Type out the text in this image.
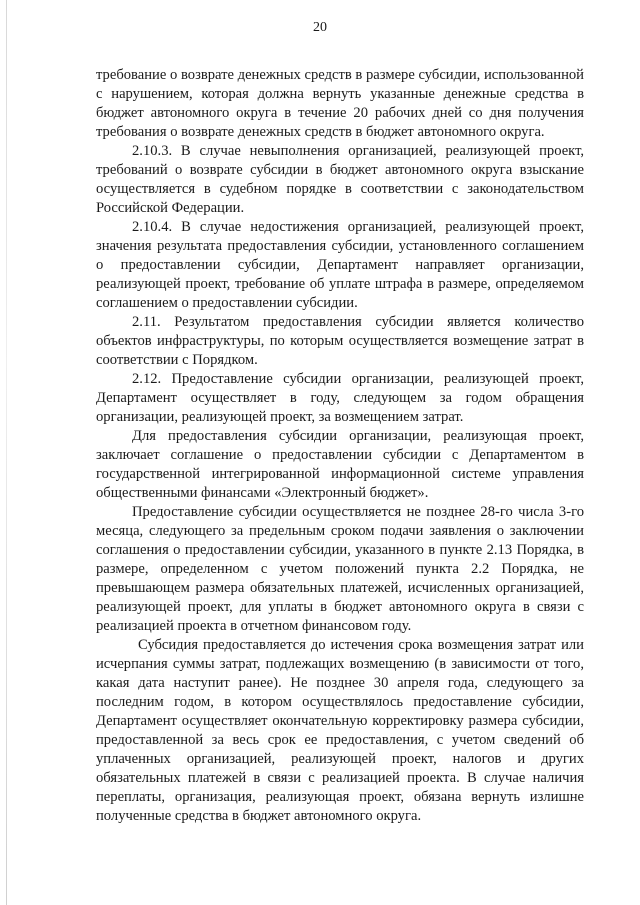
20

требование о возврате денежных средств в размере субсидии, использованной с нарушением, которая должна вернуть указанные денежные средства в бюджет автономного округа в течение 20 рабочих дней со дня получения требования о возврате денежных средств в бюджет автономного округа.

2.10.3. В случае невыполнения организацией, реализующей проект, требований о возврате субсидии в бюджет автономного округа взыскание осуществляется в судебном порядке в соответствии с законодательством Российской Федерации.

2.10.4. В случае недостижения организацией, реализующей проект, значения результата предоставления субсидии, установленного соглашением о предоставлении субсидии, Департамент направляет организации, реализующей проект, требование об уплате штрафа в размере, определяемом соглашением о предоставлении субсидии.

2.11. Результатом предоставления субсидии является количество объектов инфраструктуры, по которым осуществляется возмещение затрат в соответствии с Порядком.

2.12. Предоставление субсидии организации, реализующей проект, Департамент осуществляет в году, следующем за годом обращения организации, реализующей проект, за возмещением затрат.

Для предоставления субсидии организации, реализующая проект, заключает соглашение о предоставлении субсидии с Департаментом в государственной интегрированной информационной системе управления общественными финансами «Электронный бюджет».

Предоставление субсидии осуществляется не позднее 28-го числа 3-го месяца, следующего за предельным сроком подачи заявления о заключении соглашения о предоставлении субсидии, указанного в пункте 2.13 Порядка, в размере, определенном с учетом положений пункта 2.2 Порядка, не превышающем размера обязательных платежей, исчисленных организацией, реализующей проект, для уплаты в бюджет автономного округа в связи с реализацией проекта в отчетном финансовом году.

Субсидия предоставляется до истечения срока возмещения затрат или исчерпания суммы затрат, подлежащих возмещению (в зависимости от того, какая дата наступит ранее). Не позднее 30 апреля года, следующего за последним годом, в котором осуществлялось предоставление субсидии, Департамент осуществляет окончательную корректировку размера субсидии, предоставленной за весь срок ее предоставления, с учетом сведений об уплаченных организацией, реализующей проект, налогов и других обязательных платежей в связи с реализацией проекта. В случае наличия переплаты, организация, реализующая проект, обязана вернуть излишне полученные средства в бюджет автономного округа.
